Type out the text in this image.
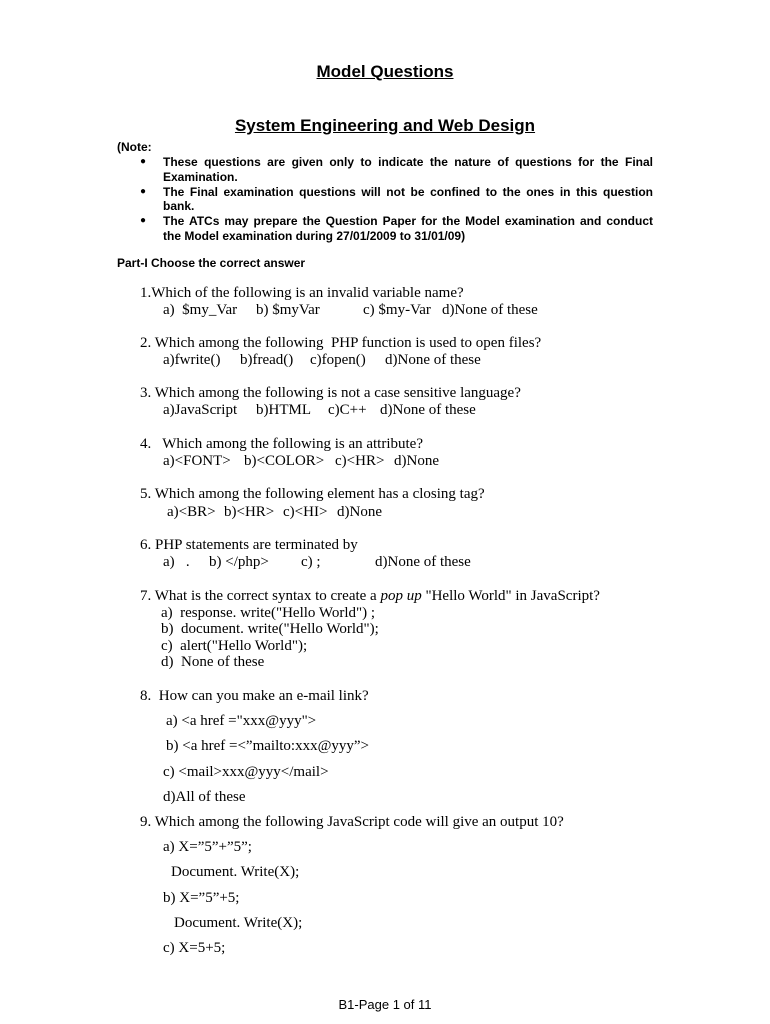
Model Questions
System Engineering and Web Design
(Note:
● These questions are given only to indicate the nature of questions for the Final Examination.
● The Final examination questions will not be confined to the ones in this question bank.
● The ATCs may prepare the Question Paper for the Model examination and conduct the Model examination during 27/01/2009 to 31/01/09)
Part-I Choose the correct answer
1.Which of the following is an invalid variable name?

a)  $my_Var

b) $myVar

	c) $my-Var

d)None of these

2. Which among the following  PHP function is used to open files?

a)fwrite()

b)fread()

c)fopen()

d)None of these

3. Which among the following is not a case sensitive language?

a)JavaScript

b)HTML

c)C++

d)None of these

4.   Which among the following is an attribute?

a)<FONT>

b)<COLOR>

c)<HR>

d)None

5. Which among the following element has a closing tag?

a)<BR>

b)<HR>

c)<HI>

d)None

6. PHP statements are terminated by

a)   .

b) </php>

c) ;

	d)None of these

7. What is the correct syntax to create a pop up "Hello World" in JavaScript?
a)  response. write("Hello World") ;
b)  document. write("Hello World");
c)  alert("Hello World");
d)  None of these
8.  How can you make an e-mail link?
a) <a href ="xxx@yyy">
b) <a href =<”mailto:xxx@yyy”>
c) <mail>xxx@yyy</mail>
d)All of these
9. Which among the following JavaScript code will give an output 10?
a) X=”5”+”5”;
Document. Write(X);
b) X=”5”+5;
Document. Write(X);
c) X=5+5;
B1-Page 1 of 11
